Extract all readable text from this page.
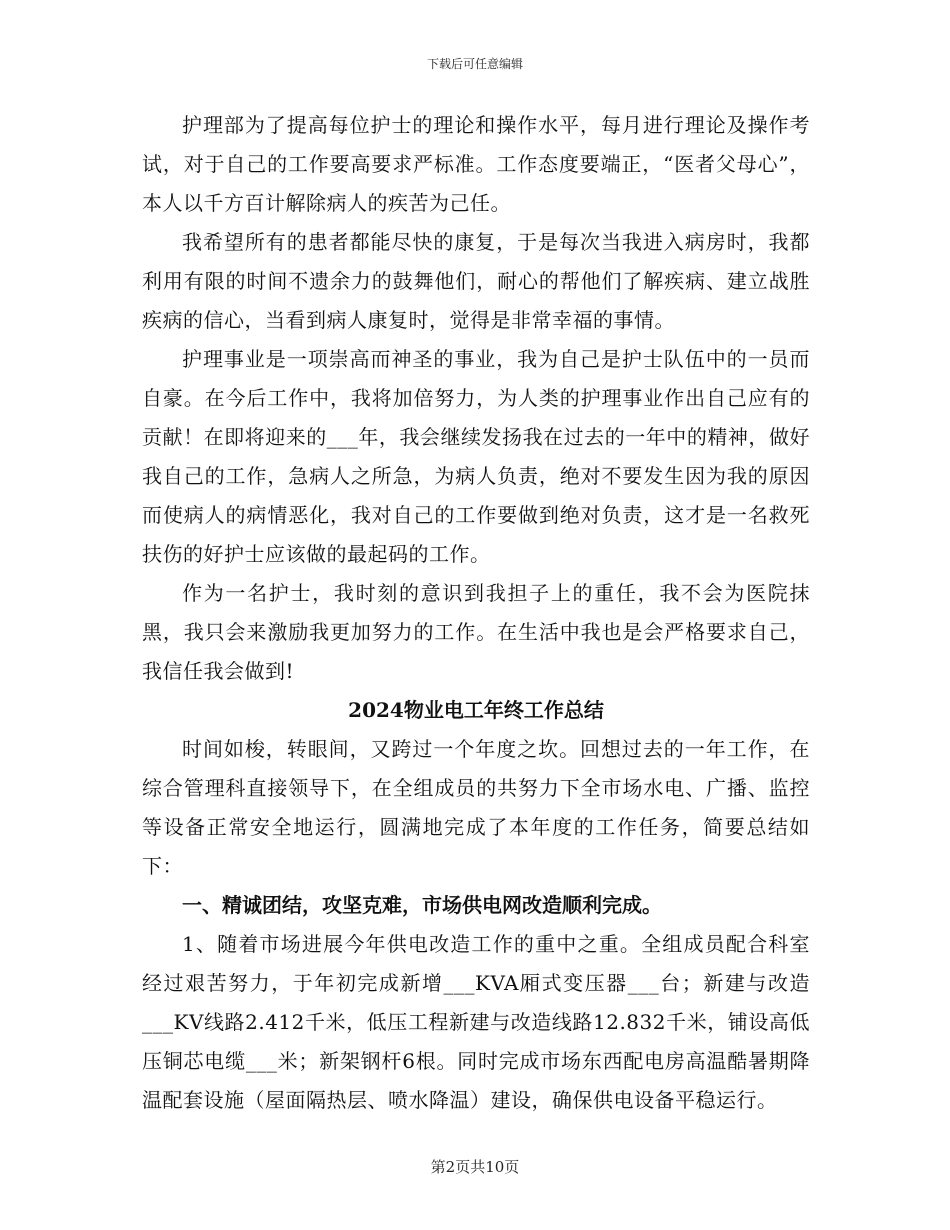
下载后可任意编辑

护理部为了提高每位护士的理论和操作水平，每月进行理论及操作考试，对于自己的工作要高要求严标准。工作态度要端正，“医者父母心”，本人以千方百计解除病人的疾苦为己任。

我希望所有的患者都能尽快的康复，于是每次当我进入病房时，我都利用有限的时间不遗余力的鼓舞他们，耐心的帮他们了解疾病、建立战胜疾病的信心，当看到病人康复时，觉得是非常幸福的事情。

护理事业是一项崇高而神圣的事业，我为自己是护士队伍中的一员而自豪。在今后工作中，我将加倍努力，为人类的护理事业作出自己应有的贡献！在即将迎来的___年，我会继续发扬我在过去的一年中的精神，做好我自己的工作，急病人之所急，为病人负责，绝对不要发生因为我的原因而使病人的病情恶化，我对自己的工作要做到绝对负责，这才是一名救死扶伤的好护士应该做的最起码的工作。

作为一名护士，我时刻的意识到我担子上的重任，我不会为医院抹黑，我只会来激励我更加努力的工作。在生活中我也是会严格要求自己，我信任我会做到!

2024物业电工年终工作总结

时间如梭，转眼间，又跨过一个年度之坎。回想过去的一年工作，在综合管理科直接领导下，在全组成员的共努力下全市场水电、广播、监控等设备正常安全地运行，圆满地完成了本年度的工作任务，简要总结如下：

一、精诚团结，攻坚克难，市场供电网改造顺利完成。

1、随着市场进展今年供电改造工作的重中之重。全组成员配合科室经过艰苦努力，于年初完成新增___KVA厢式变压器___台；新建与改造___KV线路2.412千米，低压工程新建与改造线路12.832千米，铺设高低压铜芯电缆___米；新架钢杆6根。同时完成市场东西配电房高温酷暑期降温配套设施（屋面隔热层、喷水降温）建设，确保供电设备平稳运行。

第2页共10页
